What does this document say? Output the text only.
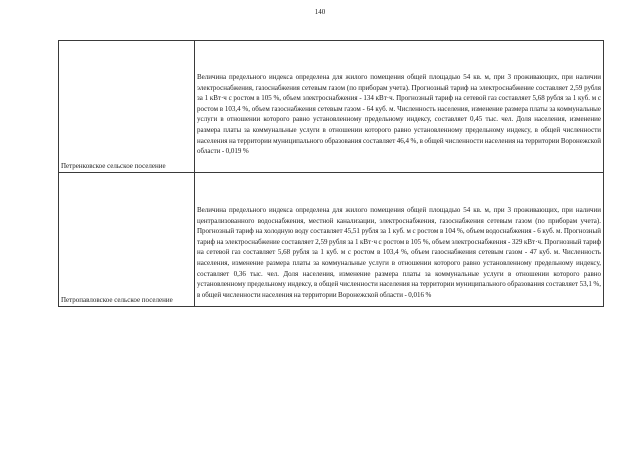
140
Петренковское сельское поселение	Величина предельного индекса определена для жилого помещения общей площадью 54 кв. м, при 3 проживающих, при наличии электроснабжения, газоснабжения сетевым газом (по приборам учета). Прогнозный тариф на электроснабжение составляет 2,59 рубля за 1 кВт·ч с ростом в 105 %, объем электроснабжения - 134 кВт·ч. Прогнозный тариф на сетевой газ составляет 5,68 рубля за 1 куб. м с ростом в 103,4 %, объем газоснабжения сетевым газом - 64 куб. м. Численность населения, изменение размера платы за коммунальные услуги в отношении которого равно установленному предельному индексу, составляет 0,45 тыс. чел. Доля населения, изменение размера платы за коммунальные услуги в отношении которого равно установленному предельному индексу, в общей численности населения на территории муниципального образования составляет 46,4 %, в общей численности населения на территории Воронежской области - 0,019 %

Петропавловское сельское поселение	Величина предельного индекса определена для жилого помещения общей площадью 54 кв. м, при 3 проживающих, при наличии централизованного водоснабжения, местной канализации, электроснабжения, газоснабжения сетевым газом (по приборам учета). Прогнозный тариф на холодную воду составляет 45,51 рубля за 1 куб. м с ростом в 104 %, объем водоснабжения - 6 куб. м. Прогнозный тариф на электроснабжение составляет 2,59 рубля за 1 кВт·ч с ростом в 105 %, объем электроснабжения - 329 кВт·ч. Прогнозный тариф на сетевой газ составляет 5,68 рубля за 1 куб. м с ростом в 103,4 %, объем газоснабжения сетевым газом - 47 куб. м. Численность населения, изменение размера платы за коммунальные услуги в отношении которого равно установленному предельному индексу, составляет 0,36 тыс. чел. Доля населения, изменение размера платы за коммунальные услуги в отношении которого равно установленному предельному индексу, в общей численности населения на территории муниципального образования составляет 53,1 %, в общей численности населения на территории Воронежской области - 0,016 %
